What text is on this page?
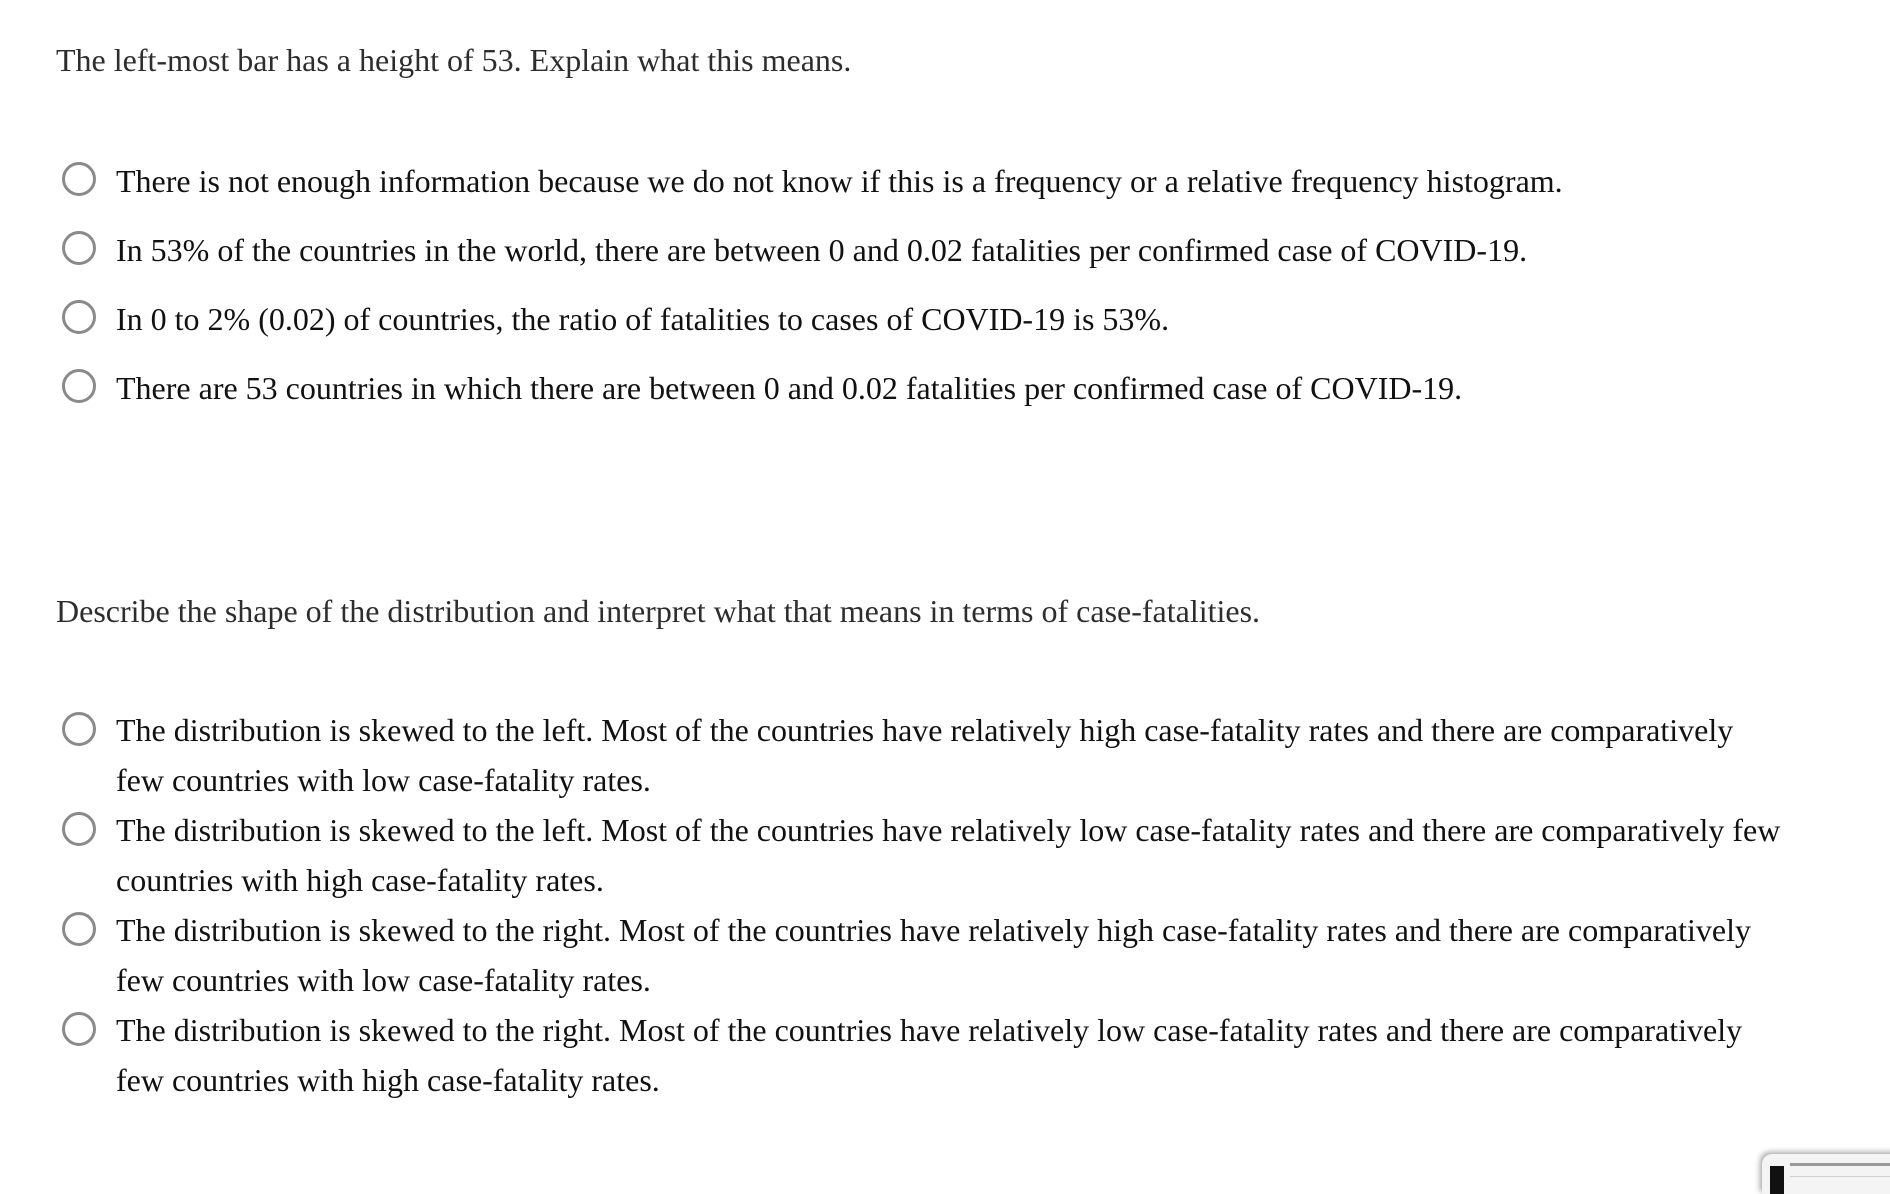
The left-most bar has a height of 53. Explain what this means.
There is not enough information because we do not know if this is a frequency or a relative frequency histogram.
In 53% of the countries in the world, there are between 0 and 0.02 fatalities per confirmed case of COVID-19.
In 0 to 2% (0.02) of countries, the ratio of fatalities to cases of COVID-19 is 53%.
There are 53 countries in which there are between 0 and 0.02 fatalities per confirmed case of COVID-19.
Describe the shape of the distribution and interpret what that means in terms of case-fatalities.
The distribution is skewed to the left. Most of the countries have relatively high case-fatality rates and there are comparatively few countries with low case-fatality rates.
The distribution is skewed to the left. Most of the countries have relatively low case-fatality rates and there are comparatively few countries with high case-fatality rates.
The distribution is skewed to the right. Most of the countries have relatively high case-fatality rates and there are comparatively few countries with low case-fatality rates.
The distribution is skewed to the right. Most of the countries have relatively low case-fatality rates and there are comparatively few countries with high case-fatality rates.
